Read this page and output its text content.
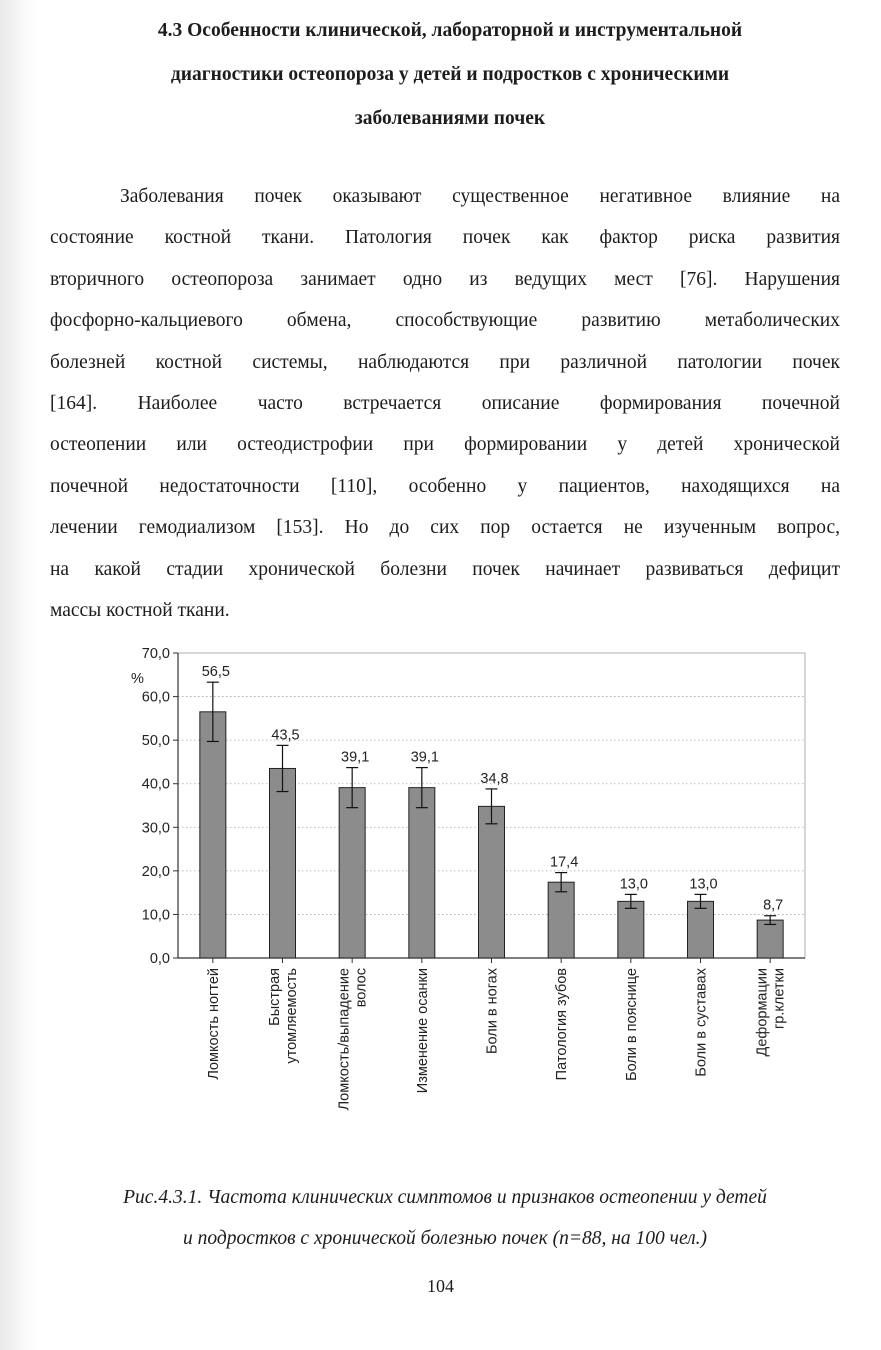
4.3 Особенности клинической, лабораторной и инструментальной
диагностики остеопороза у детей и подростков с хроническими
заболеваниями почек

Заболевания почек оказывают существенное негативное влияние на
состояние костной ткани. Патология почек как фактор риска развития
вторичного остеопороза занимает одно из ведущих мест [76]. Нарушения
фосфорно-кальциевого обмена, способствующие развитию метаболических
болезней костной системы, наблюдаются при различной патологии почек
[164]. Наиболее часто встречается описание формирования почечной
остеопении или остеодистрофии при формировании у детей хронической
почечной недостаточности [110], особенно у пациентов, находящихся на
лечении гемодиализом [153]. Но до сих пор остается не изученным вопрос,
на какой стадии хронической болезни почек начинает развиваться дефицит
массы костной ткани.

0,0
10,0
20,0
30,0
40,0
50,0
60,0
70,0
%	56,5
Ломкость ногтей
43,5
Быстрая утомляемость
39,1
Ломкость/выпадение волос
39,1
Изменение осанки
34,8
Боли в ногах
17,4
Патология зубов
13,0
Боли в пояснице
13,0
Боли в суставах
8,7
Деформации гр.клетки

Рис.4.3.1. Частота клинических симптомов и признаков остеопении у детей
и подростков с хронической болезнью почек (n=88, на 100 чел.)

104
